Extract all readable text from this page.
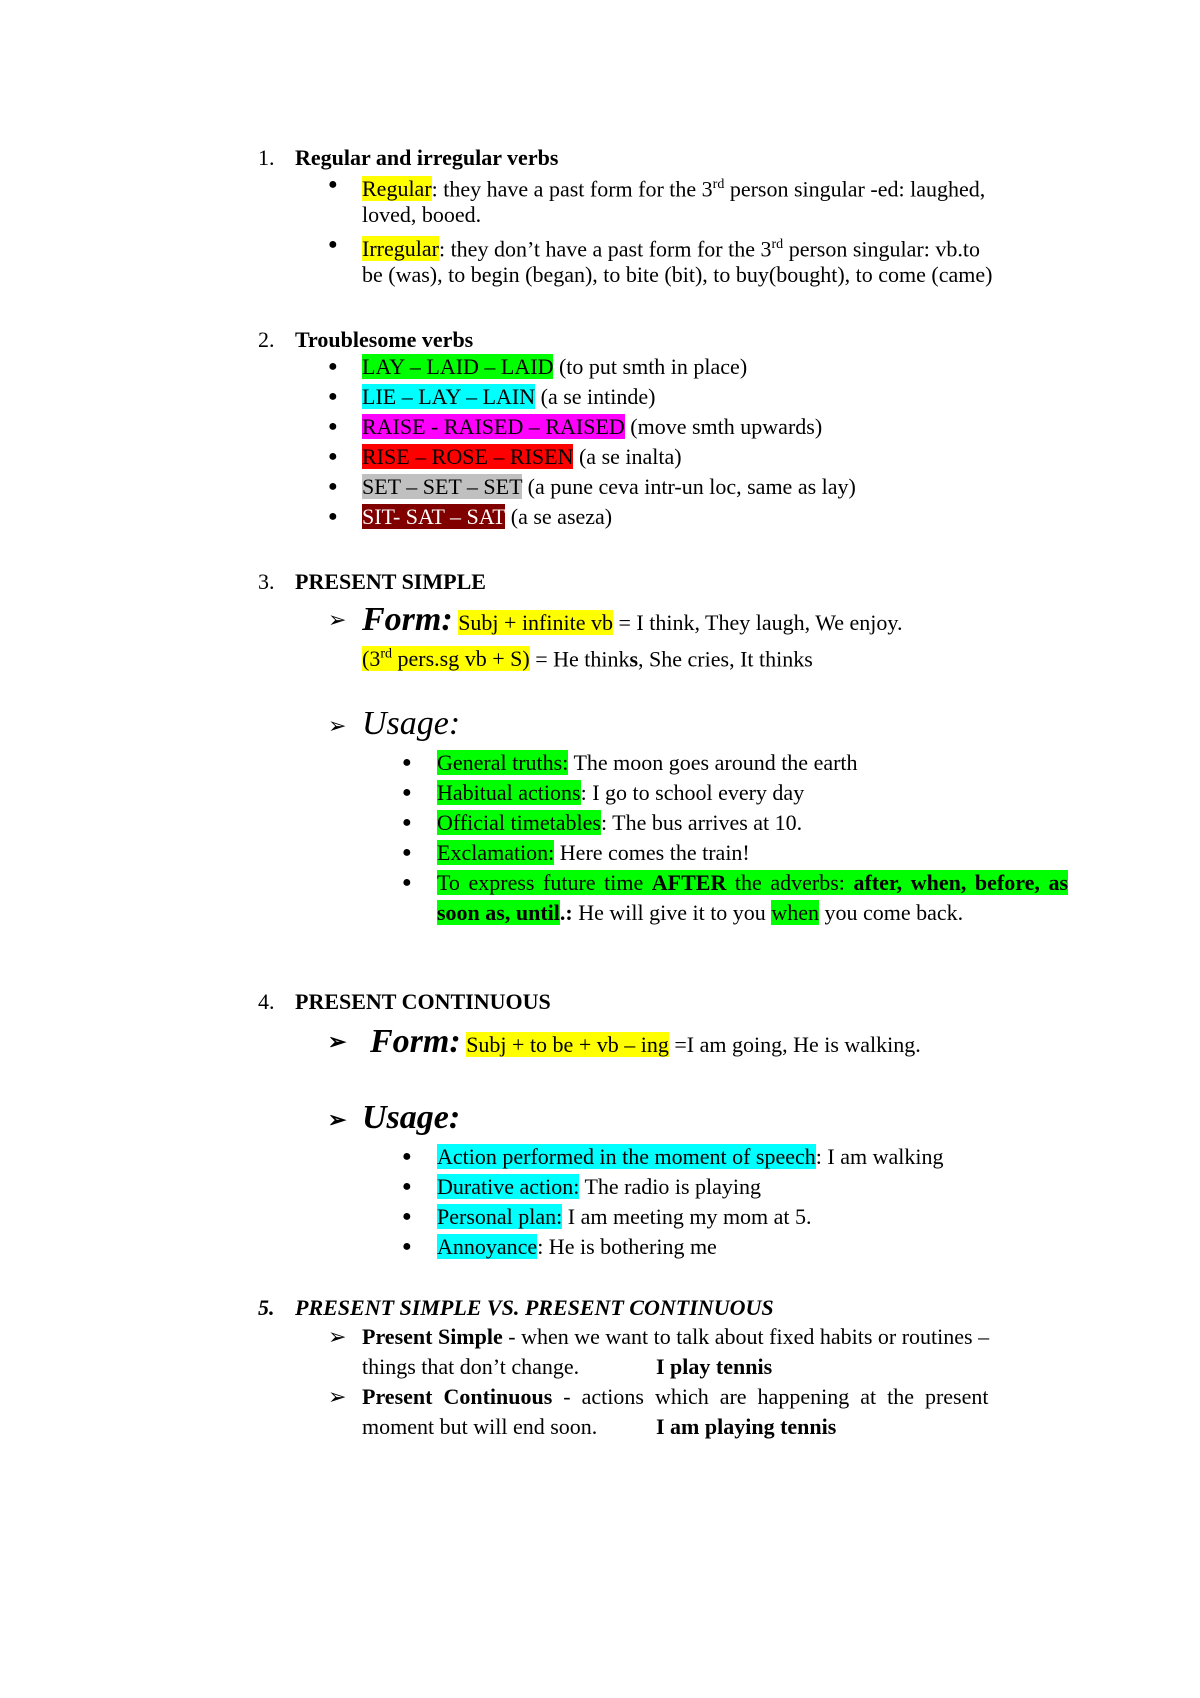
1. Regular and irregular verbs
● Regular: they have a past form for the 3rd person singular -ed: laughed,
loved, booed.
● Irregular: they don’t have a past form for the 3rd person singular: vb.to
be (was), to begin (began), to bite (bit), to buy(bought), to come (came)
2. Troublesome verbs
● LAY – LAID – LAID (to put smth in place)
● LIE – LAY – LAIN (a se intinde)
● RAISE - RAISED – RAISED (move smth upwards)
● RISE – ROSE – RISEN (a se inalta)
● SET – SET – SET (a pune ceva intr-un loc, same as lay)
● SIT- SAT – SAT (a se aseza)
3. PRESENT SIMPLE
➢ Form: Subj + infinite vb = I think, They laugh, We enjoy.
(3rd pers.sg vb + S) = He thinks, She cries, It thinks
➢ Usage:
● General truths: The moon goes around the earth
● Habitual actions: I go to school every day
● Official timetables: The bus arrives at 10.
● Exclamation: Here comes the train!
● To express future time AFTER the adverbs: after, when, before, as soon as, until.: He will give it to you when you come back.
4. PRESENT CONTINUOUS
➢ Form: Subj + to be + vb – ing =I am going, He is walking.
➢ Usage:
● Action performed in the moment of speech: I am walking
● Durative action: The radio is playing
● Personal plan: I am meeting my mom at 5.
● Annoyance: He is bothering me
5. PRESENT SIMPLE VS. PRESENT CONTINUOUS
➢ Present Simple - when we want to talk about fixed habits or routines –
things that don’t change.	I play tennis
➢ Present  Continuous  -  actions  which  are  happening  at  the  present
moment but will end soon.	I am playing tennis
